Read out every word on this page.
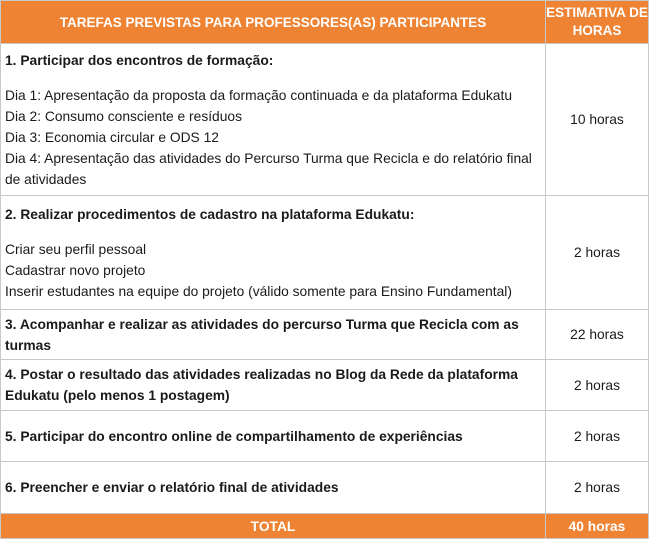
TAREFAS PREVISTAS PARA PROFESSORES(AS) PARTICIPANTES	ESTIMATIVA DE HORAS

1. Participar dos encontros de formação:
Dia 1: Apresentação da proposta da formação continuada e da plataforma Edukatu
Dia 2: Consumo consciente e resíduos
Dia 3: Economia circular e ODS 12
Dia 4: Apresentação das atividades do Percurso Turma que Recicla e do relatório final de atividades	10 horas

2. Realizar procedimentos de cadastro na plataforma Edukatu:
Criar seu perfil pessoal
Cadastrar novo projeto
Inserir estudantes na equipe do projeto (válido somente para Ensino Fundamental)	2 horas

3. Acompanhar e realizar as atividades do percurso Turma que Recicla com as turmas	22 horas

4. Postar o resultado das atividades realizadas no Blog da Rede da plataforma Edukatu (pelo menos 1 postagem)	2 horas

5. Participar do encontro online de compartilhamento de experiências	2 horas

6. Preencher e enviar o relatório final de atividades	2 horas
TOTAL	40 horas
